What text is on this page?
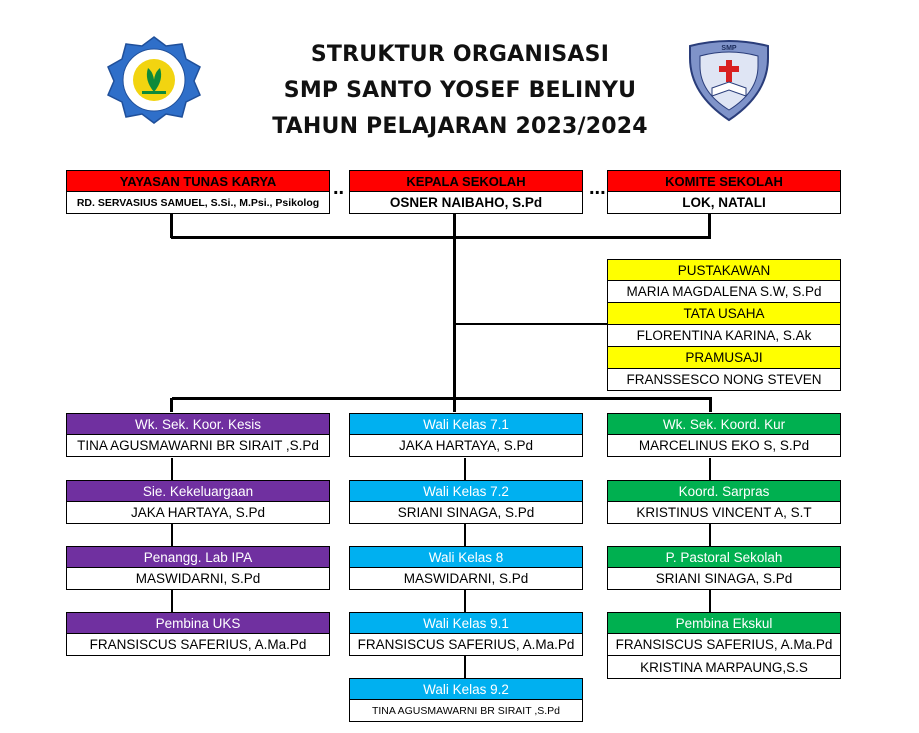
STRUKTUR ORGANISASI
SMP SANTO YOSEF BELINYU
TAHUN PELAJARAN 2023/2024
SMP
..	...
YAYASAN TUNAS KARYA
RD. SERVASIUS SAMUEL, S.Si., M.Psi., Psikolog
KEPALA SEKOLAH
OSNER NAIBAHO, S.Pd
KOMITE SEKOLAH
LOK, NATALI
PUSTAKAWAN
MARIA MAGDALENA S.W, S.Pd
TATA USAHA
FLORENTINA KARINA, S.Ak
PRAMUSAJI
FRANSSESCO NONG STEVEN
Wk. Sek. Koor. Kesis
TINA AGUSMAWARNI BR SIRAIT ,S.Pd
Sie. Kekeluargaan
JAKA HARTAYA, S.Pd
Penangg. Lab IPA
MASWIDARNI, S.Pd
Pembina UKS
FRANSISCUS SAFERIUS, A.Ma.Pd
Wali Kelas 7.1
JAKA HARTAYA, S.Pd
Wali Kelas 7.2
SRIANI SINAGA, S.Pd
Wali Kelas 8
MASWIDARNI, S.Pd
Wali Kelas 9.1
FRANSISCUS SAFERIUS, A.Ma.Pd
Wali Kelas 9.2
TINA AGUSMAWARNI BR SIRAIT ,S.Pd
Wk. Sek. Koord. Kur
MARCELINUS EKO S, S.Pd
Koord. Sarpras
KRISTINUS VINCENT A, S.T
P. Pastoral Sekolah
SRIANI SINAGA, S.Pd
Pembina Ekskul
FRANSISCUS SAFERIUS, A.Ma.Pd
KRISTINA MARPAUNG,S.S
